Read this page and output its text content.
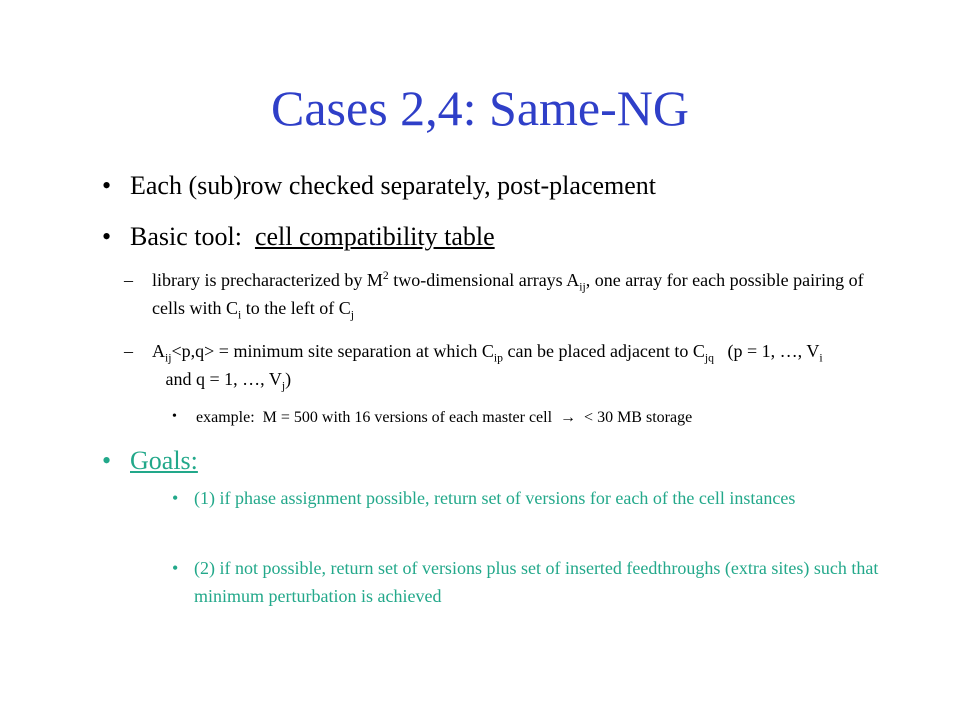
Cases 2,4: Same-NG
• Each (sub)row checked separately, post-placement
• Basic tool:  cell compatibility table
– library is precharacterized by $M^2$ two-dimensional arrays $A_{ij}$, one array for each possible pairing of cells with $C_i$ to the left of $C_j$
– $A_{ij}<p,q>$ = minimum site separation at which $C_{ip}$ can be placed adjacent to $C_{jq}$   (p = 1, …, $V_i$   and q = 1, …, $V_j$)
• example:  M = 500 with 16 versions of each master cell  →  < 30 MB storage
• Goals:
• (1) if phase assignment possible, return set of versions for each of the cell instances
• (2) if not possible, return set of versions plus set of inserted feedthroughs (extra sites) such that minimum perturbation is achieved
